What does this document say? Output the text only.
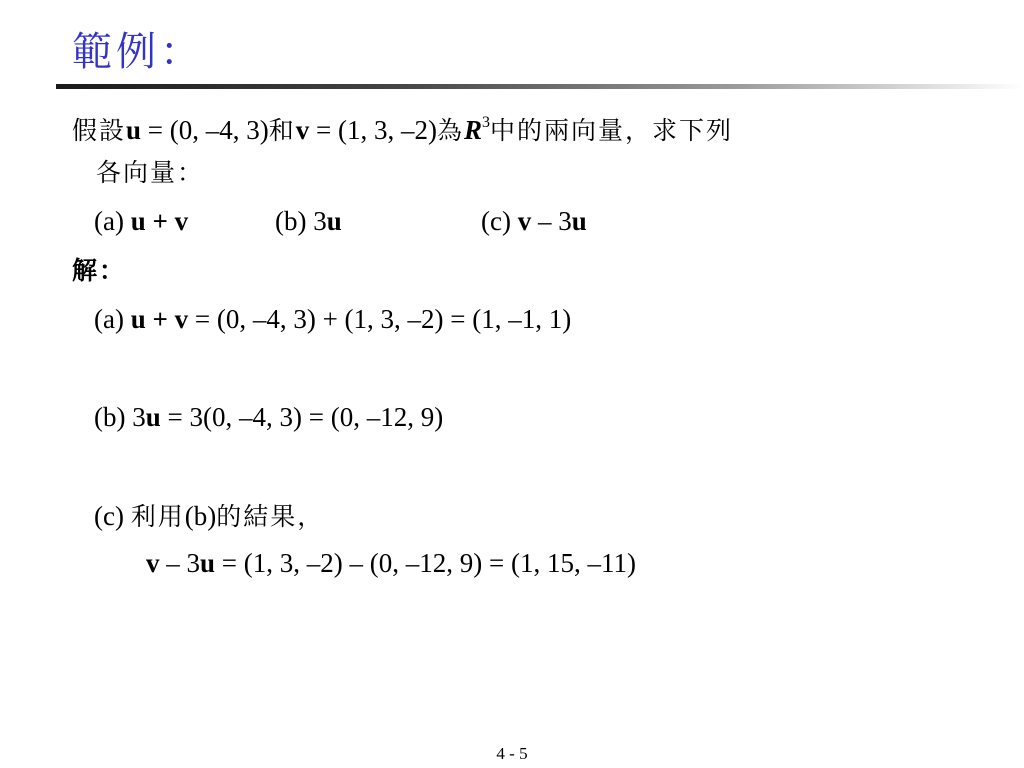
範例：
假設u = (0, –4, 3)和v = (1, 3, –2)為$R^3$中的兩向量，求下列
各向量：
(a) u + v	(b) 3u	(c) v – 3u
解：
(a) u + v = (0, –4, 3) + (1, 3, –2) = (1, –1, 1)
(b) 3u = 3(0, –4, 3) = (0, –12, 9)
(c) 利用(b)的結果，
v – 3u = (1, 3, –2) – (0, –12, 9) = (1, 15, –11)
4 - 5
